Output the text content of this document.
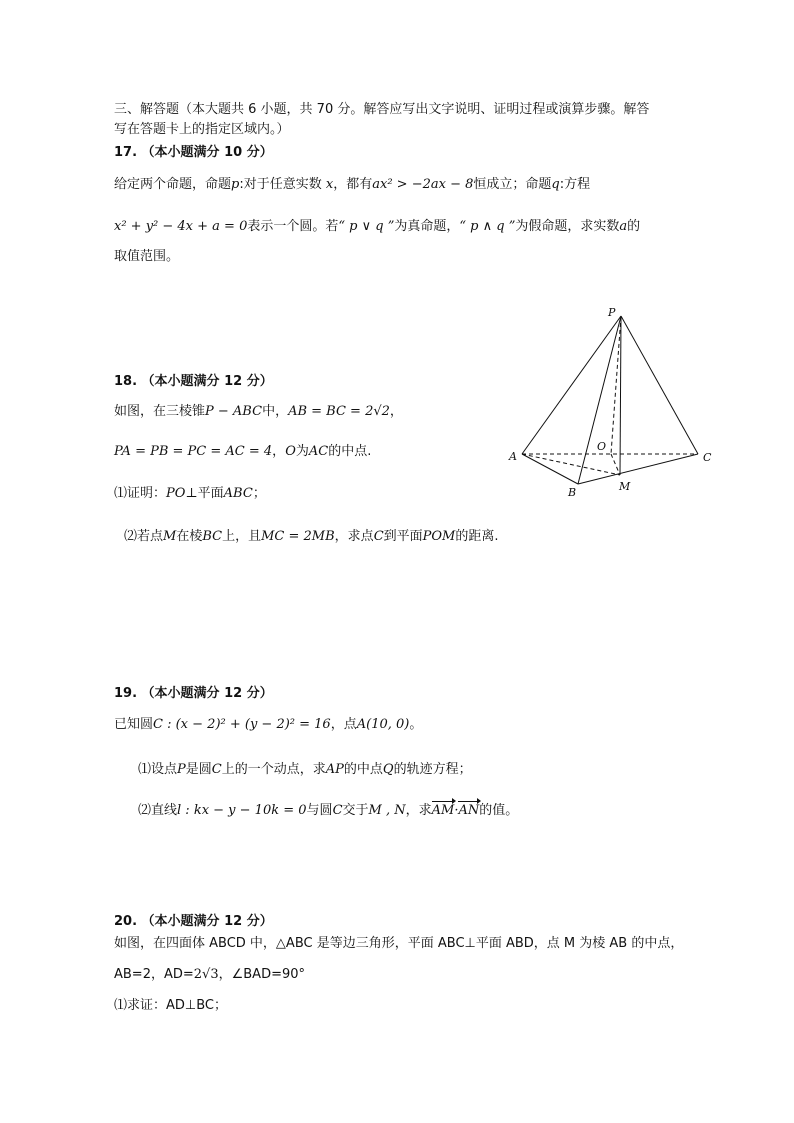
三、解答题（本大题共 6 小题，共 70 分。解答应写出文字说明、证明过程或演算步骤。解答
写在答题卡上的指定区域内。）
17. （本小题满分 10 分）
给定两个命题，命题p:对于任意实数 x，都有ax² > −2ax − 8恒成立；命题q:方程
x² + y² − 4x + a = 0表示一个圆。若“ p ∨ q ”为真命题，“ p ∧ q ”为假命题，求实数a的
取值范围。
18. （本小题满分 12 分）
如图，在三棱锥P − ABC中，AB = BC = 2√2，
PA = PB = PC = AC = 4，O为AC的中点.
⑴证明：PO⊥平面ABC；
⑵若点M在棱BC上，且MC = 2MB，求点C到平面POM的距离.
P
A	C
O
B	M
19. （本小题满分 12 分）
已知圆C : (x − 2)² + (y − 2)² = 16，点A(10, 0)。
⑴设点P是圆C上的一个动点，求AP的中点Q的轨迹方程；
⑵直线l : kx − y − 10k = 0与圆C交于M , N，求AM·AN的值。
20. （本小题满分 12 分）
如图，在四面体 ABCD 中，△ABC 是等边三角形，平面 ABC⊥平面 ABD，点 M 为棱 AB 的中点，
AB=2，AD=2√3，∠BAD=90°
⑴求证：AD⊥BC；
